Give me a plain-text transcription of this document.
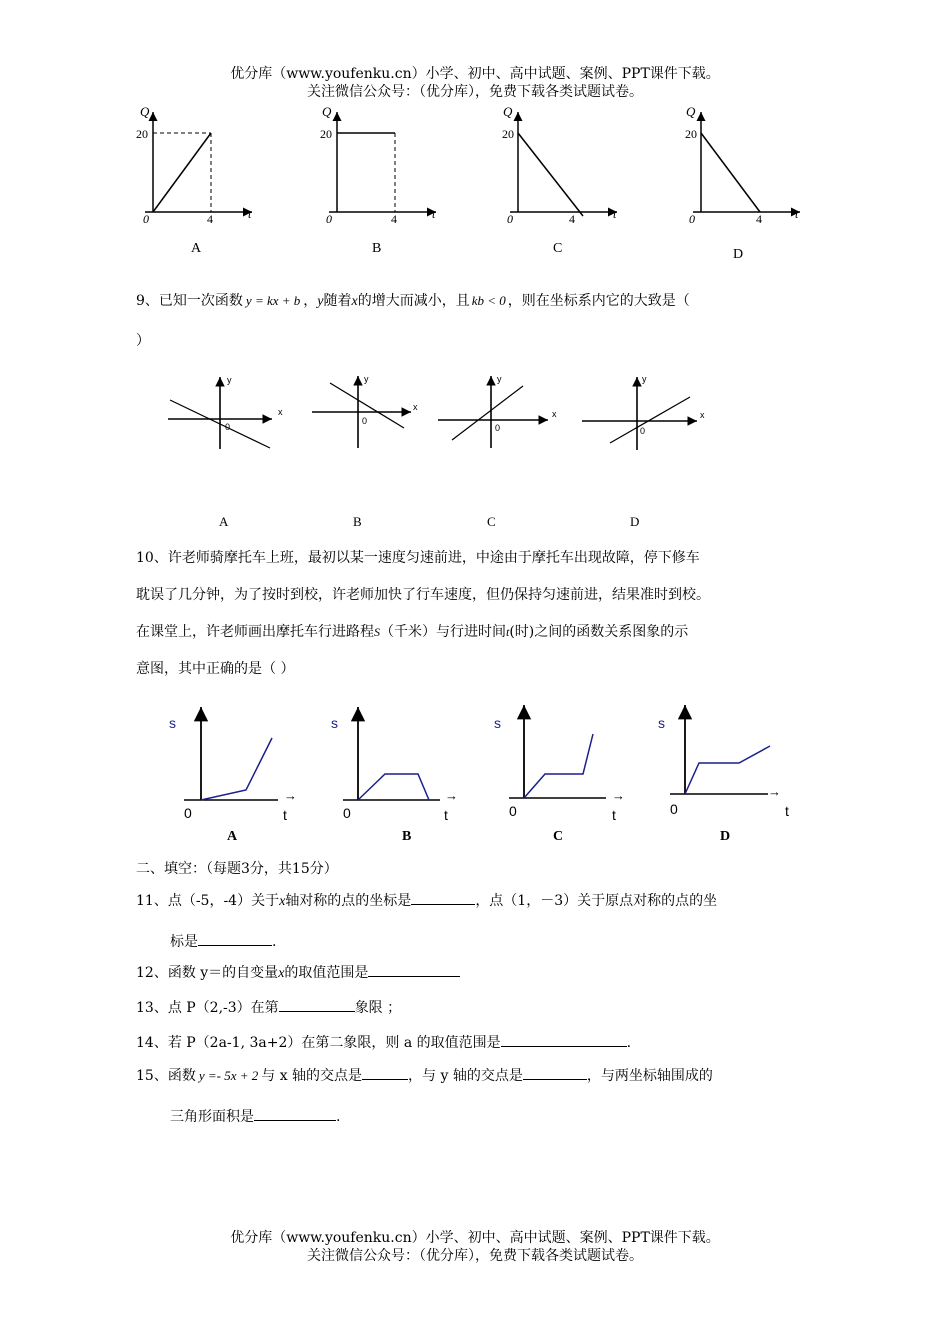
优分库（www.youfenku.cn）小学、初中、高中试题、案例、PPT课件下载。
关注微信公众号：（优分库），免费下载各类试题试卷。
Q
20
0	4	t
Q
20
0	4	t
Q
20
0	4	t
Q
20
0	4	t
A	B	C	D
9、已知一次函数 y = kx + b ，y随着x的增大而减小，且 kb < 0 ，则在坐标系内它的大致是（
）
y
x
0
y
x
0
y
x
0
y
x
0
A	B	C	D
10、许老师骑摩托车上班，最初以某一速度匀速前进，中途由于摩托车出现故障，停下修车
耽误了几分钟，为了按时到校，许老师加快了行车速度，但仍保持匀速前进，结果准时到校。
在课堂上，许老师画出摩托车行进路程S（千米）与行进时间t(时)之间的函数关系图象的示
意图，其中正确的是（ ）
s
0	t
→
s
0	t
→
s
0	t
→
s
0	t
→
A	B	C	D
二、填空：（每题3分，共15分）
11、点（-5，-4）关于x轴对称的点的坐标是	，点（1，－3）关于原点对称的点的坐
标是	.
12、函数 y＝的自变量x的取值范围是
13、点 P（2,-3）在第	象限 ；
14、若 P（2a-1, 3a+2）在第二象限，则 a 的取值范围是	.
15、函数 y =- 5x + 2 与 x 轴的交点是	，与 y 轴的交点是	，与两坐标轴围成的
三角形面积是	.
优分库（www.youfenku.cn）小学、初中、高中试题、案例、PPT课件下载。
关注微信公众号：（优分库），免费下载各类试题试卷。
